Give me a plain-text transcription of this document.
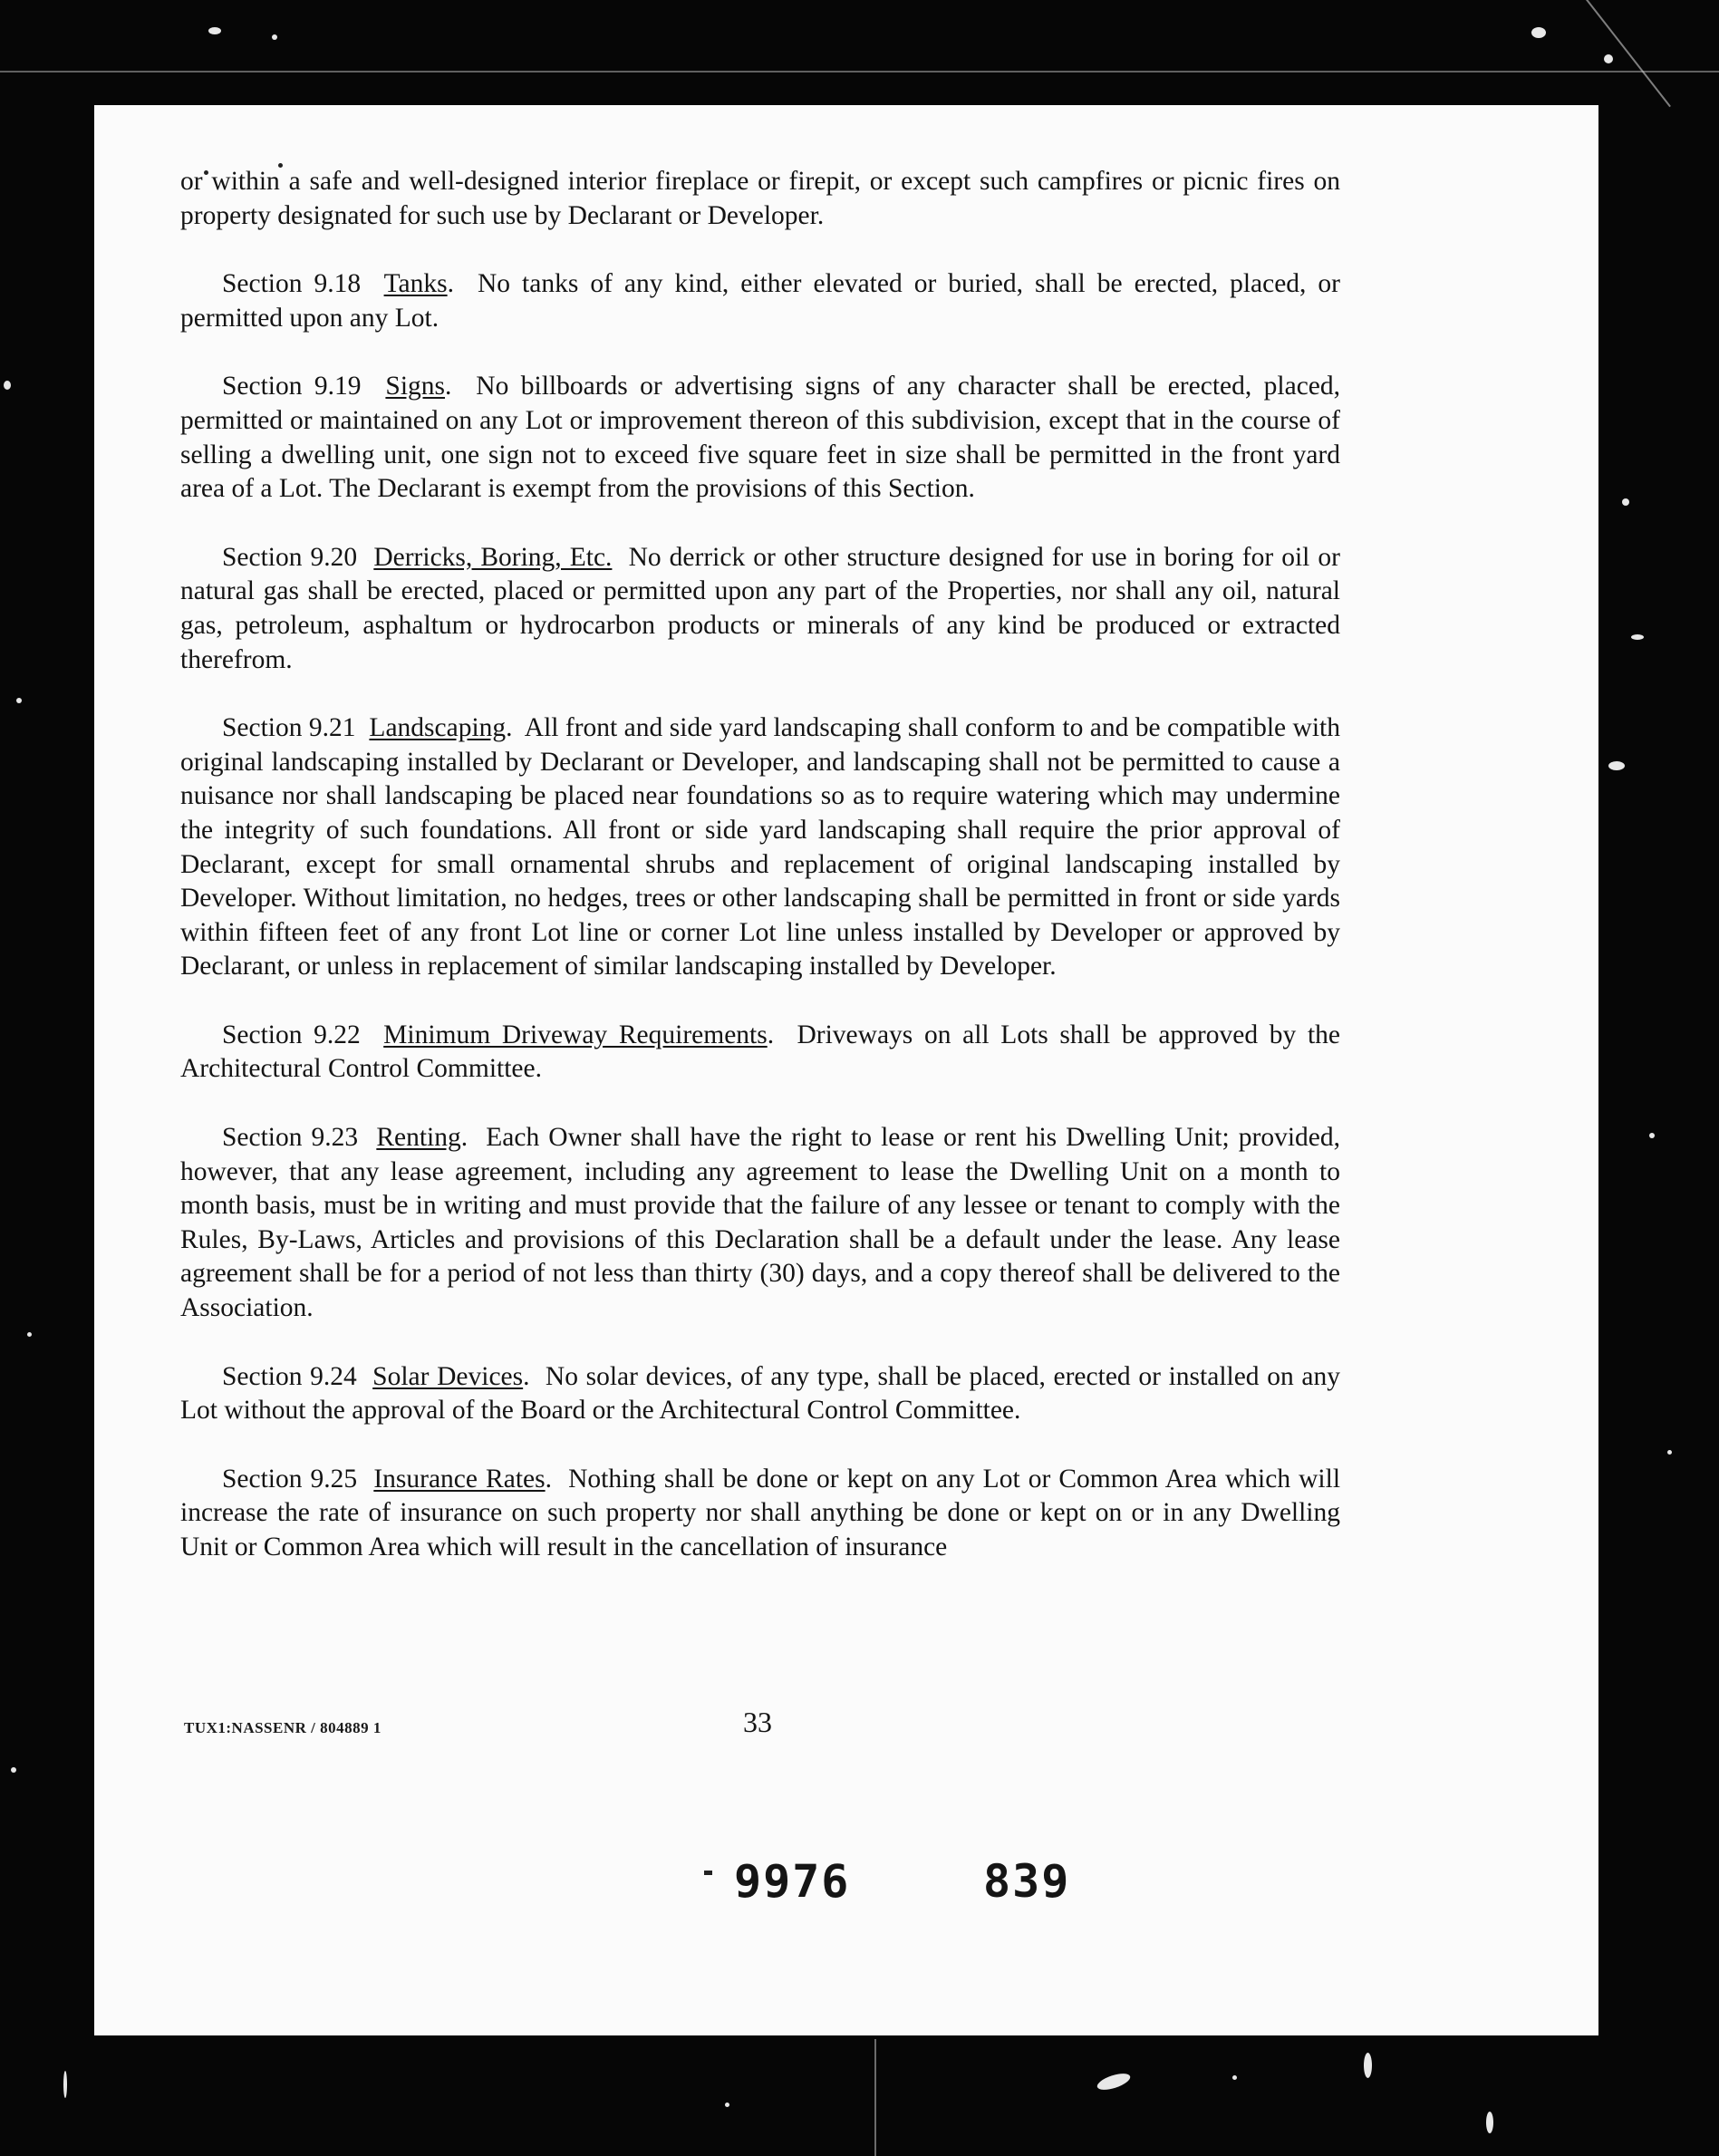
or within a safe and well-designed interior fireplace or firepit, or except such campfires or picnic fires on property designated for such use by Declarant or Developer.

Section 9.18 Tanks.  No tanks of any kind, either elevated or buried, shall be erected, placed, or permitted upon any Lot.

Section 9.19 Signs.  No billboards or advertising signs of any character shall be erected, placed, permitted or maintained on any Lot or improvement thereon of this subdivision, except that in the course of selling a dwelling unit, one sign not to exceed five square feet in size shall be permitted in the front yard area of a Lot. The Declarant is exempt from the provisions of this Section.

Section 9.20 Derricks, Boring, Etc. No derrick or other structure designed for use in boring for oil or natural gas shall be erected, placed or permitted upon any part of the Properties, nor shall any oil, natural gas, petroleum, asphaltum or hydrocarbon products or minerals of any kind be produced or extracted therefrom.

Section 9.21 Landscaping.  All front and side yard landscaping shall conform to and be compatible with original landscaping installed by Declarant or Developer, and landscaping shall not be permitted to cause a nuisance nor shall landscaping be placed near foundations so as to require watering which may undermine the integrity of such foundations. All front or side yard landscaping shall require the prior approval of Declarant, except for small ornamental shrubs and replacement of original landscaping installed by Developer. Without limitation, no hedges, trees or other landscaping shall be permitted in front or side yards within fifteen feet of any front Lot line or corner Lot line unless installed by Developer or approved by Declarant, or unless in replacement of similar landscaping installed by Developer.

Section 9.22 Minimum Driveway Requirements.  Driveways on all Lots shall be approved by the Architectural Control Committee.

Section 9.23 Renting.  Each Owner shall have the right to lease or rent his Dwelling Unit; provided, however, that any lease agreement, including any agreement to lease the Dwelling Unit on a month to month basis, must be in writing and must provide that the failure of any lessee or tenant to comply with the Rules, By-Laws, Articles and provisions of this Declaration shall be a default under the lease. Any lease agreement shall be for a period of not less than thirty (30) days, and a copy thereof shall be delivered to the Association.

Section 9.24 Solar Devices.  No solar devices, of any type, shall be placed, erected or installed on any Lot without the approval of the Board or the Architectural Control Committee.

Section 9.25 Insurance Rates.  Nothing shall be done or kept on any Lot or Common Area which will increase the rate of insurance on such property nor shall anything be done or kept on or in any Dwelling Unit or Common Area which will result in the cancellation of insurance

TUX1:NASSENR / 804889 1	33
9976	839
